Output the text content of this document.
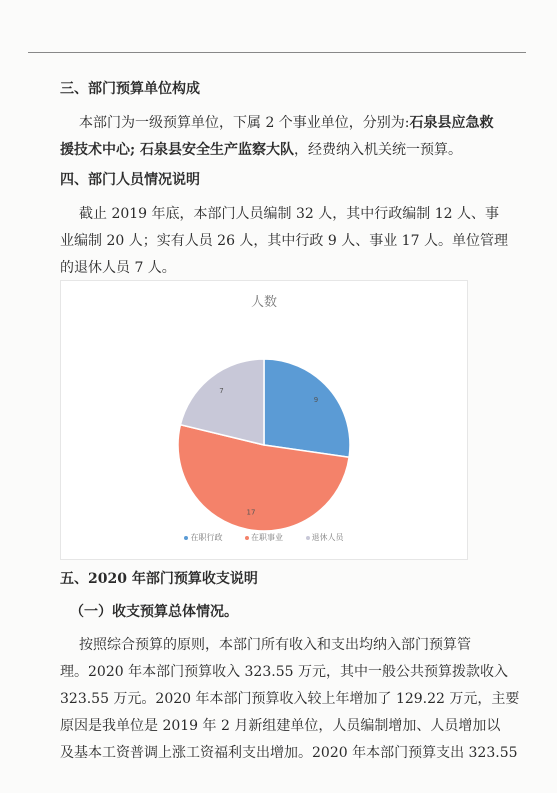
三、部门预算单位构成
本部门为一级预算单位，下属 2 个事业单位，分别为:石泉县应急救
援技术中心; 石泉县安全生产监察大队，经费纳入机关统一预算。
四、部门人员情况说明
截止 2019 年底，本部门人员编制 32 人，其中行政编制 12 人、事
业编制 20 人；实有人员 26 人，其中行政 9 人、事业 17 人。单位管理
的退休人员 7 人。
人数
9
17
7
在职行政	在职事业	退休人员
五、2020 年部门预算收支说明
（一）收支预算总体情况。
按照综合预算的原则，本部门所有收入和支出均纳入部门预算管
理。2020 年本部门预算收入 323.55 万元，其中一般公共预算拨款收入
323.55 万元。2020 年本部门预算收入较上年增加了 129.22 万元，主要
原因是我单位是 2019 年 2 月新组建单位，人员编制增加、人员增加以
及基本工资普调上涨工资福利支出增加。2020 年本部门预算支出 323.55
